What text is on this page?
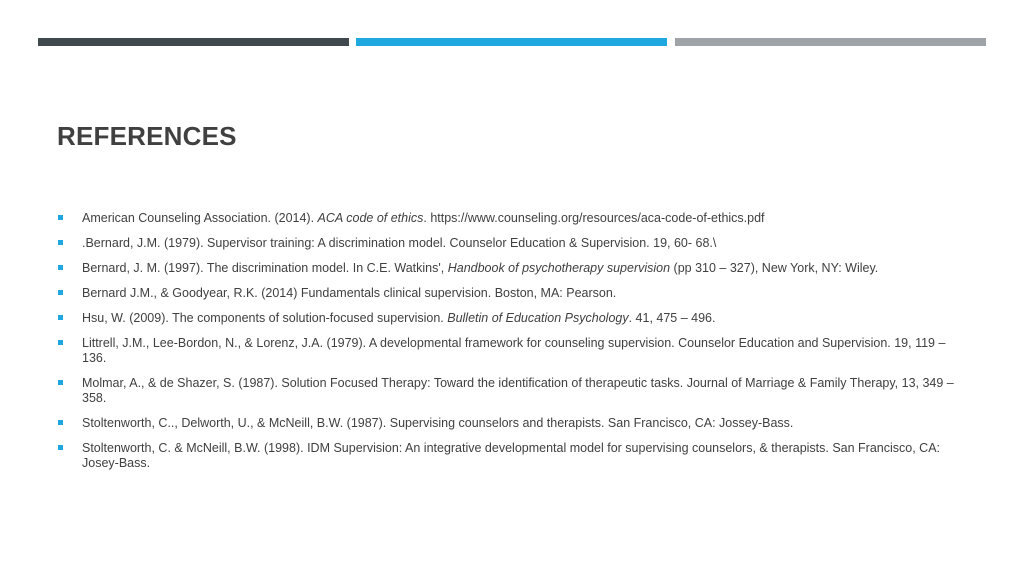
REFERENCES
American Counseling Association. (2014). ACA code of ethics. https://www.counseling.org/resources/aca-code-of-ethics.pdf
.Bernard, J.M. (1979). Supervisor training: A discrimination model. Counselor Education & Supervision. 19, 60- 68.\
Bernard, J. M. (1997). The discrimination model. In C.E. Watkins', Handbook of psychotherapy supervision (pp 310 – 327), New York, NY: Wiley.
Bernard J.M., & Goodyear, R.K. (2014) Fundamentals clinical supervision. Boston, MA: Pearson.
Hsu, W. (2009). The components of solution-focused supervision. Bulletin of Education Psychology. 41, 475 – 496.
Littrell, J.M., Lee-Bordon, N., & Lorenz, J.A. (1979). A developmental framework for counseling supervision. Counselor Education and Supervision. 19, 119 – 136.
Molmar, A., & de Shazer, S. (1987). Solution Focused Therapy: Toward the identification of therapeutic tasks. Journal of Marriage & Family Therapy, 13, 349 – 358.
Stoltenworth, C.., Delworth, U., & McNeill, B.W. (1987). Supervising counselors and therapists. San Francisco, CA: Jossey-Bass.
Stoltenworth, C. & McNeill, B.W. (1998). IDM Supervision: An integrative developmental model for supervising counselors, & therapists. San Francisco, CA: Josey-Bass.
